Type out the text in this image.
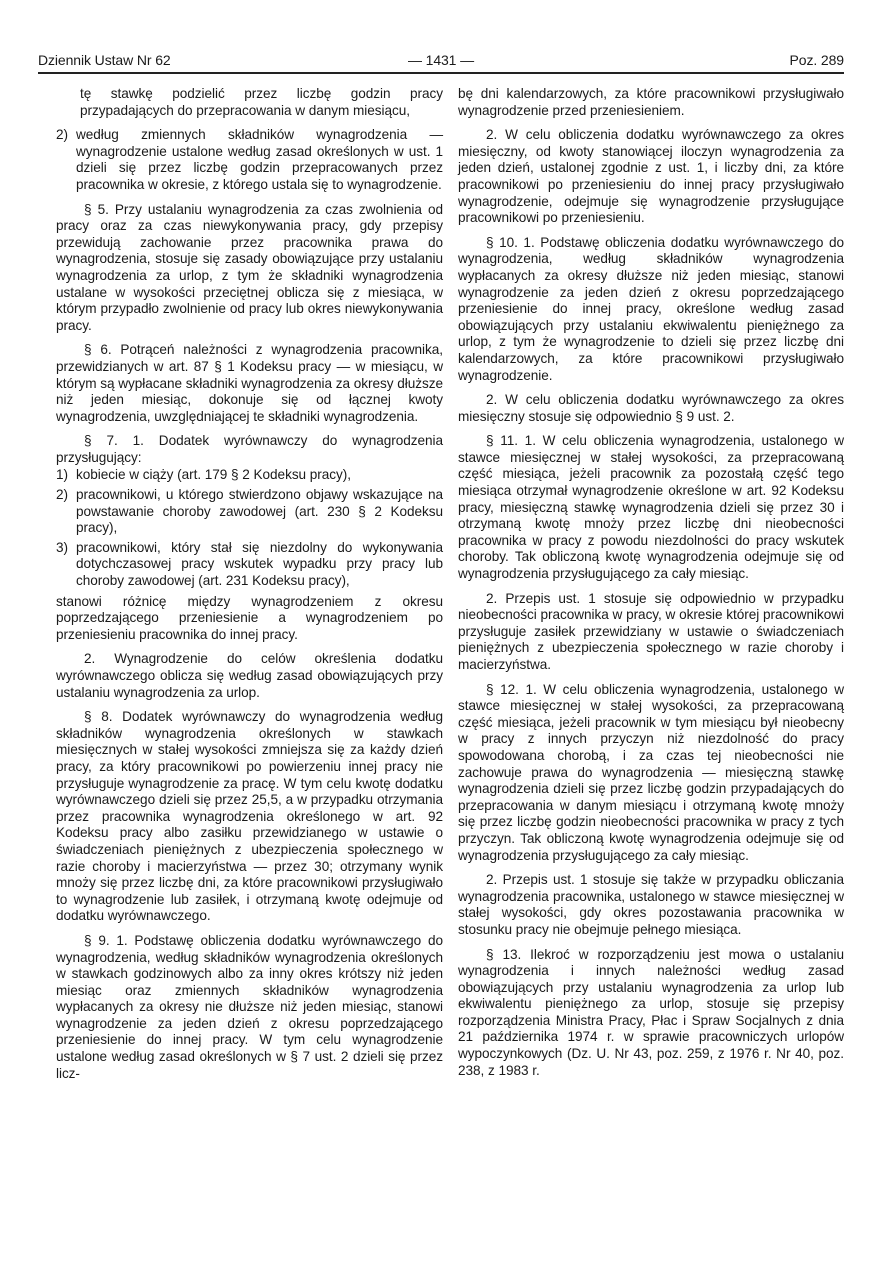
Dziennik Ustaw Nr 62	— 1431 —	Poz. 289

tę stawkę podzielić przez liczbę godzin pracy przypadających do przepracowania w danym miesiącu,

2) według zmiennych składników wynagrodzenia — wynagrodzenie ustalone według zasad określonych w ust. 1 dzieli się przez liczbę godzin przepracowanych przez pracownika w okresie, z którego ustala się to wynagrodzenie.

§ 5. Przy ustalaniu wynagrodzenia za czas zwolnienia od pracy oraz za czas niewykonywania pracy, gdy przepisy przewidują zachowanie przez pracownika prawa do wynagrodzenia, stosuje się zasady obowiązujące przy ustalaniu wynagrodzenia za urlop, z tym że składniki wynagrodzenia ustalane w wysokości przeciętnej oblicza się z miesiąca, w którym przypadło zwolnienie od pracy lub okres niewykonywania pracy.

§ 6. Potrąceń należności z wynagrodzenia pracownika, przewidzianych w art. 87 § 1 Kodeksu pracy — w miesiącu, w którym są wypłacane składniki wynagrodzenia za okresy dłuższe niż jeden miesiąc, dokonuje się od łącznej kwoty wynagrodzenia, uwzględniającej te składniki wynagrodzenia.

§ 7. 1. Dodatek wyrównawczy do wynagrodzenia przysługujący:

1) kobiecie w ciąży (art. 179 § 2 Kodeksu pracy),
2) pracownikowi, u którego stwierdzono objawy wskazujące na powstawanie choroby zawodowej (art. 230 § 2 Kodeksu pracy),
3) pracownikowi, który stał się niezdolny do wykonywania dotychczasowej pracy wskutek wypadku przy pracy lub choroby zawodowej (art. 231 Kodeksu pracy),

stanowi różnicę między wynagrodzeniem z okresu poprzedzającego przeniesienie a wynagrodzeniem po przeniesieniu pracownika do innej pracy.

2. Wynagrodzenie do celów określenia dodatku wyrównawczego oblicza się według zasad obowiązujących przy ustalaniu wynagrodzenia za urlop.

§ 8. Dodatek wyrównawczy do wynagrodzenia według składników wynagrodzenia określonych w stawkach miesięcznych w stałej wysokości zmniejsza się za każdy dzień pracy, za który pracownikowi po powierzeniu innej pracy nie przysługuje wynagrodzenie za pracę. W tym celu kwotę dodatku wyrównawczego dzieli się przez 25,5, a w przypadku otrzymania przez pracownika wynagrodzenia określonego w art. 92 Kodeksu pracy albo zasiłku przewidzianego w ustawie o świadczeniach pieniężnych z ubezpieczenia społecznego w razie choroby i macierzyństwa — przez 30; otrzymany wynik mnoży się przez liczbę dni, za które pracownikowi przysługiwało to wynagrodzenie lub zasiłek, i otrzymaną kwotę odejmuje od dodatku wyrównawczego.

§ 9. 1. Podstawę obliczenia dodatku wyrównawczego do wynagrodzenia, według składników wynagrodzenia określonych w stawkach godzinowych albo za inny okres krótszy niż jeden miesiąc oraz zmiennych składników wynagrodzenia wypłacanych za okresy nie dłuższe niż jeden miesiąc, stanowi wynagrodzenie za jeden dzień z okresu poprzedzającego przeniesienie do innej pracy. W tym celu wynagrodzenie ustalone według zasad określonych w § 7 ust. 2 dzieli się przez licz-

bę dni kalendarzowych, za które pracownikowi przysługiwało wynagrodzenie przed przeniesieniem.

2. W celu obliczenia dodatku wyrównawczego za okres miesięczny, od kwoty stanowiącej iloczyn wynagrodzenia za jeden dzień, ustalonej zgodnie z ust. 1, i liczby dni, za które pracownikowi po przeniesieniu do innej pracy przysługiwało wynagrodzenie, odejmuje się wynagrodzenie przysługujące pracownikowi po przeniesieniu.

§ 10. 1. Podstawę obliczenia dodatku wyrównawczego do wynagrodzenia, według składników wynagrodzenia wypłacanych za okresy dłuższe niż jeden miesiąc, stanowi wynagrodzenie za jeden dzień z okresu poprzedzającego przeniesienie do innej pracy, określone według zasad obowiązujących przy ustalaniu ekwiwalentu pieniężnego za urlop, z tym że wynagrodzenie to dzieli się przez liczbę dni kalendarzowych, za które pracownikowi przysługiwało wynagrodzenie.

2. W celu obliczenia dodatku wyrównawczego za okres miesięczny stosuje się odpowiednio § 9 ust. 2.

§ 11. 1. W celu obliczenia wynagrodzenia, ustalonego w stawce miesięcznej w stałej wysokości, za przepracowaną część miesiąca, jeżeli pracownik za pozostałą część tego miesiąca otrzymał wynagrodzenie określone w art. 92 Kodeksu pracy, miesięczną stawkę wynagrodzenia dzieli się przez 30 i otrzymaną kwotę mnoży przez liczbę dni nieobecności pracownika w pracy z powodu niezdolności do pracy wskutek choroby. Tak obliczoną kwotę wynagrodzenia odejmuje się od wynagrodzenia przysługującego za cały miesiąc.

2. Przepis ust. 1 stosuje się odpowiednio w przypadku nieobecności pracownika w pracy, w okresie której pracownikowi przysługuje zasiłek przewidziany w ustawie o świadczeniach pieniężnych z ubezpieczenia społecznego w razie choroby i macierzyństwa.

§ 12. 1. W celu obliczenia wynagrodzenia, ustalonego w stawce miesięcznej w stałej wysokości, za przepracowaną część miesiąca, jeżeli pracownik w tym miesiącu był nieobecny w pracy z innych przyczyn niż niezdolność do pracy spowodowana chorobą, i za czas tej nieobecności nie zachowuje prawa do wynagrodzenia — miesięczną stawkę wynagrodzenia dzieli się przez liczbę godzin przypadających do przepracowania w danym miesiącu i otrzymaną kwotę mnoży się przez liczbę godzin nieobecności pracownika w pracy z tych przyczyn. Tak obliczoną kwotę wynagrodzenia odejmuje się od wynagrodzenia przysługującego za cały miesiąc.

2. Przepis ust. 1 stosuje się także w przypadku obliczania wynagrodzenia pracownika, ustalonego w stawce miesięcznej w stałej wysokości, gdy okres pozostawania pracownika w stosunku pracy nie obejmuje pełnego miesiąca.

§ 13. Ilekroć w rozporządzeniu jest mowa o ustalaniu wynagrodzenia i innych należności według zasad obowiązujących przy ustalaniu wynagrodzenia za urlop lub ekwiwalentu pieniężnego za urlop, stosuje się przepisy rozporządzenia Ministra Pracy, Płac i Spraw Socjalnych z dnia 21 października 1974 r. w sprawie pracowniczych urlopów wypoczynkowych (Dz. U. Nr 43, poz. 259, z 1976 r. Nr 40, poz. 238, z 1983 r.
